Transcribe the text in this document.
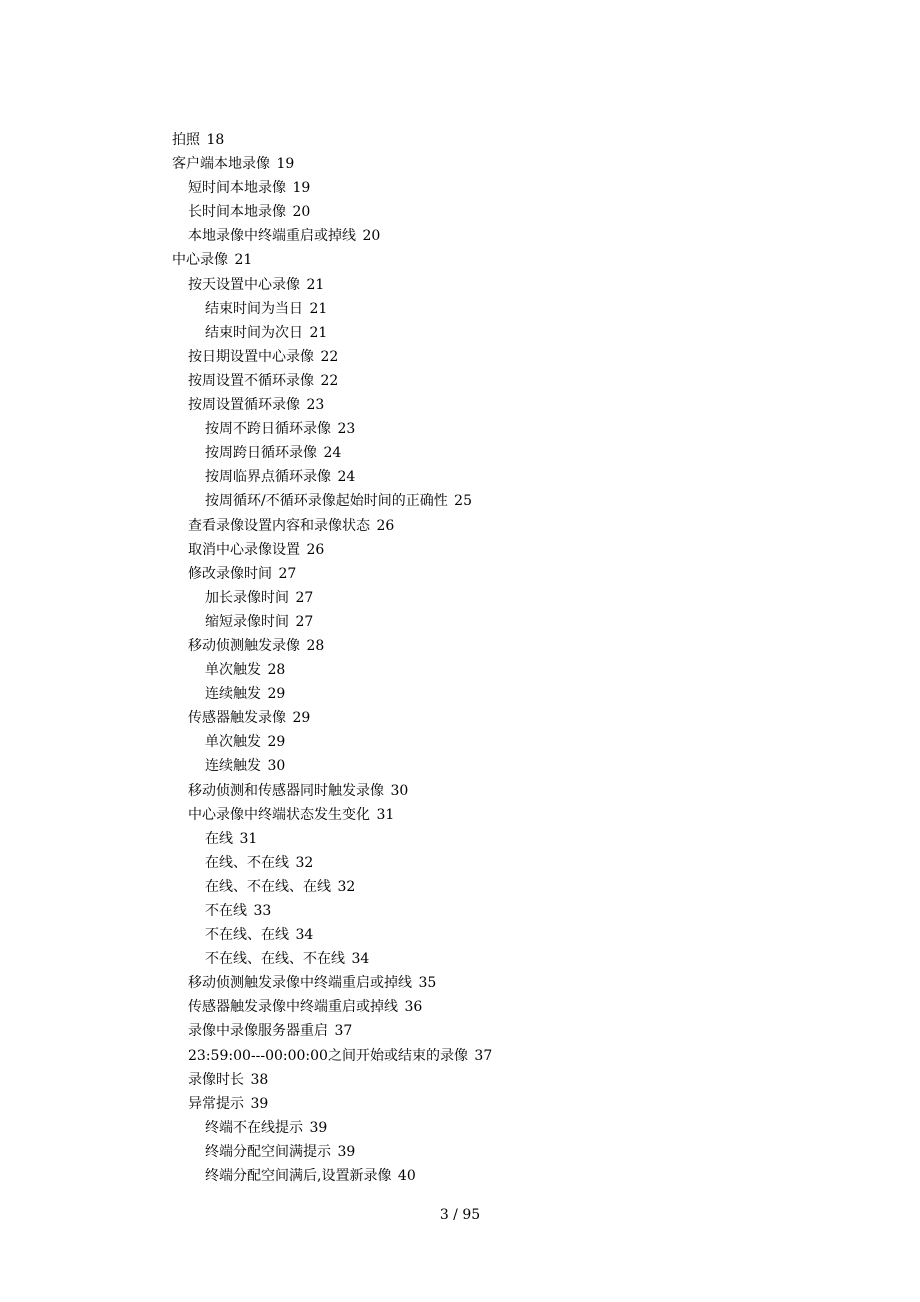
拍照 18
客户端本地录像 19
短时间本地录像 19
长时间本地录像 20
本地录像中终端重启或掉线 20
中心录像 21
按天设置中心录像 21
结束时间为当日 21
结束时间为次日 21
按日期设置中心录像 22
按周设置不循环录像 22
按周设置循环录像 23
按周不跨日循环录像 23
按周跨日循环录像 24
按周临界点循环录像 24
按周循环/不循环录像起始时间的正确性 25
查看录像设置内容和录像状态 26
取消中心录像设置 26
修改录像时间 27
加长录像时间 27
缩短录像时间 27
移动侦测触发录像 28
单次触发 28
连续触发 29
传感器触发录像 29
单次触发 29
连续触发 30
移动侦测和传感器同时触发录像 30
中心录像中终端状态发生变化 31
在线 31
在线、不在线 32
在线、不在线、在线 32
不在线 33
不在线、在线 34
不在线、在线、不在线 34
移动侦测触发录像中终端重启或掉线 35
传感器触发录像中终端重启或掉线 36
录像中录像服务器重启 37
23:59:00---00:00:00之间开始或结束的录像 37
录像时长 38
异常提示 39
终端不在线提示 39
终端分配空间满提示 39
终端分配空间满后,设置新录像 40
3 / 95
